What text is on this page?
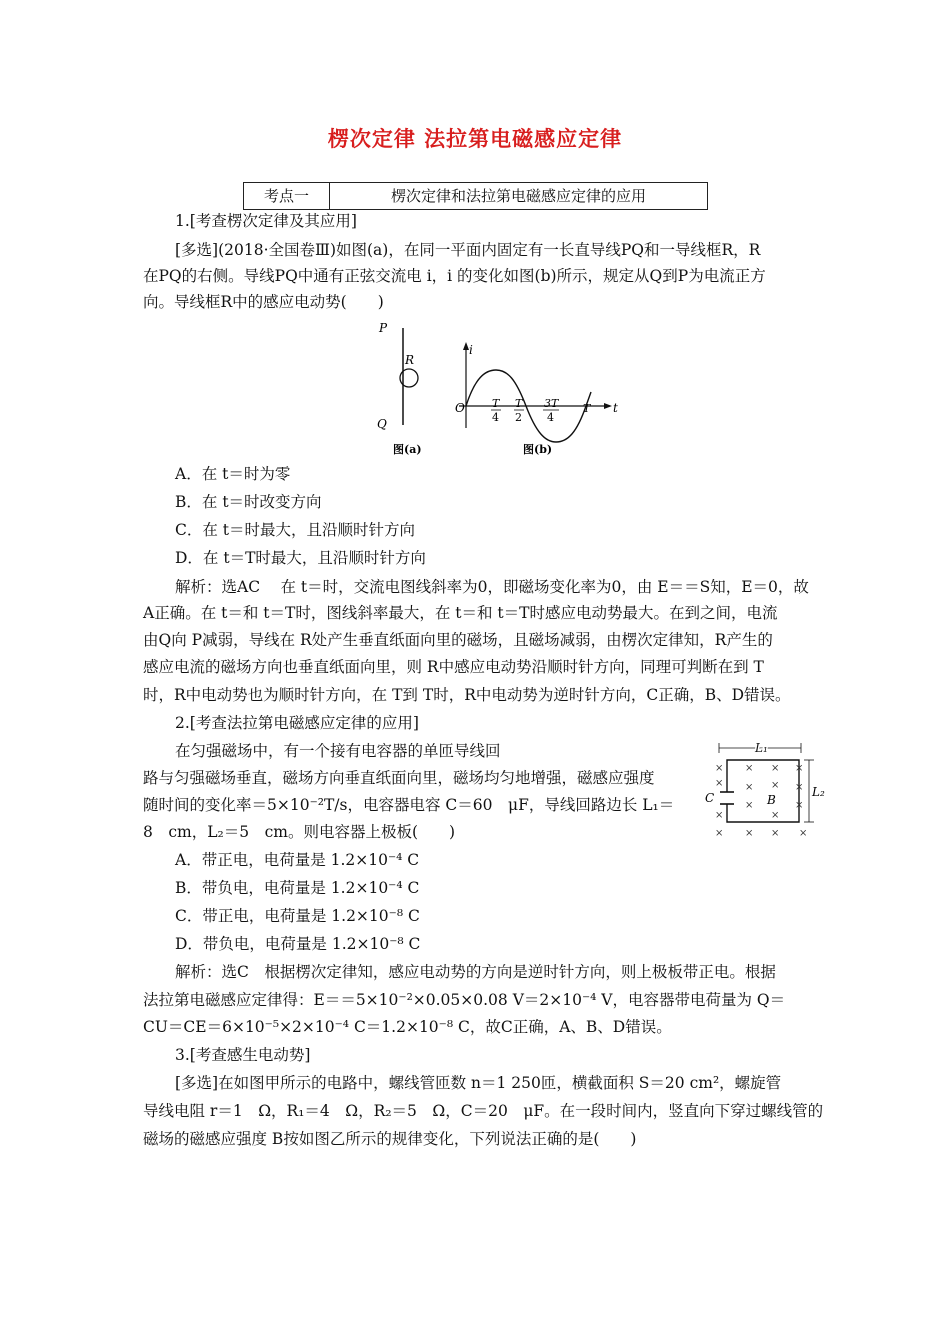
楞次定律 法拉第电磁感应定律
考点一	楞次定律和法拉第电磁感应定律的应用
1.[考查楞次定律及其应用]
[多选](2018·全国卷Ⅲ)如图(a)，在同一平面内固定有一长直导线PQ和一导线框R，R
在PQ的右侧。导线PQ中通有正弦交流电 i，i 的变化如图(b)所示，规定从Q到P为电流正方
向。导线框R中的感应电动势(　　)
P
Q
R
图(a)
i
O	t
T
4
T
2
3T
4
T
图(b)
A．在 t＝时为零
B．在 t＝时改变方向
C．在 t＝时最大，且沿顺时针方向
D．在 t＝T时最大，且沿顺时针方向
解析：选AC　 在 t＝时，交流电图线斜率为0，即磁场变化率为0，由 E＝＝S知，E＝0，故
A正确。在 t＝和 t＝T时，图线斜率最大，在 t＝和 t＝T时感应电动势最大。在到之间，电流
由Q向 P减弱，导线在 R处产生垂直纸面向里的磁场，且磁场减弱，由楞次定律知，R产生的
感应电流的磁场方向也垂直纸面向里，则 R中感应电动势沿顺时针方向，同理可判断在到 T
时，R中电动势也为顺时针方向，在 T到 T时，R中电动势为逆时针方向，C正确，B、D错误。
2.[考查法拉第电磁感应定律的应用]
在匀强磁场中，有一个接有电容器的单匝导线回
路与匀强磁场垂直，磁场方向垂直纸面向里，磁场均匀地增强，磁感应强度
随时间的变化率＝5×10⁻²T/s，电容器电容 C＝60　μF，导线回路边长 L₁＝
8　cm，L₂＝5　cm。则电容器上极板(　　)
L₁
C	B
L₂
× × × ×
× × × ×
×	×
×	×
× × × ×
A．带正电，电荷量是 1.2×10⁻⁴ C
B．带负电，电荷量是 1.2×10⁻⁴ C
C．带正电，电荷量是 1.2×10⁻⁸ C
D．带负电，电荷量是 1.2×10⁻⁸ C
解析：选C　根据楞次定律知，感应电动势的方向是逆时针方向，则上极板带正电。根据
法拉第电磁感应定律得：E＝＝5×10⁻²×0.05×0.08 V＝2×10⁻⁴ V，电容器带电荷量为 Q＝
CU＝CE＝6×10⁻⁵×2×10⁻⁴ C＝1.2×10⁻⁸ C，故C正确，A、B、D错误。
3.[考查感生电动势]
[多选]在如图甲所示的电路中，螺线管匝数 n＝1 250匝，横截面积 S＝20 cm²，螺旋管
导线电阻 r＝1　Ω，R₁＝4　Ω，R₂＝5　Ω，C＝20　μF。在一段时间内，竖直向下穿过螺线管的
磁场的磁感应强度 B按如图乙所示的规律变化，下列说法正确的是(　　)
